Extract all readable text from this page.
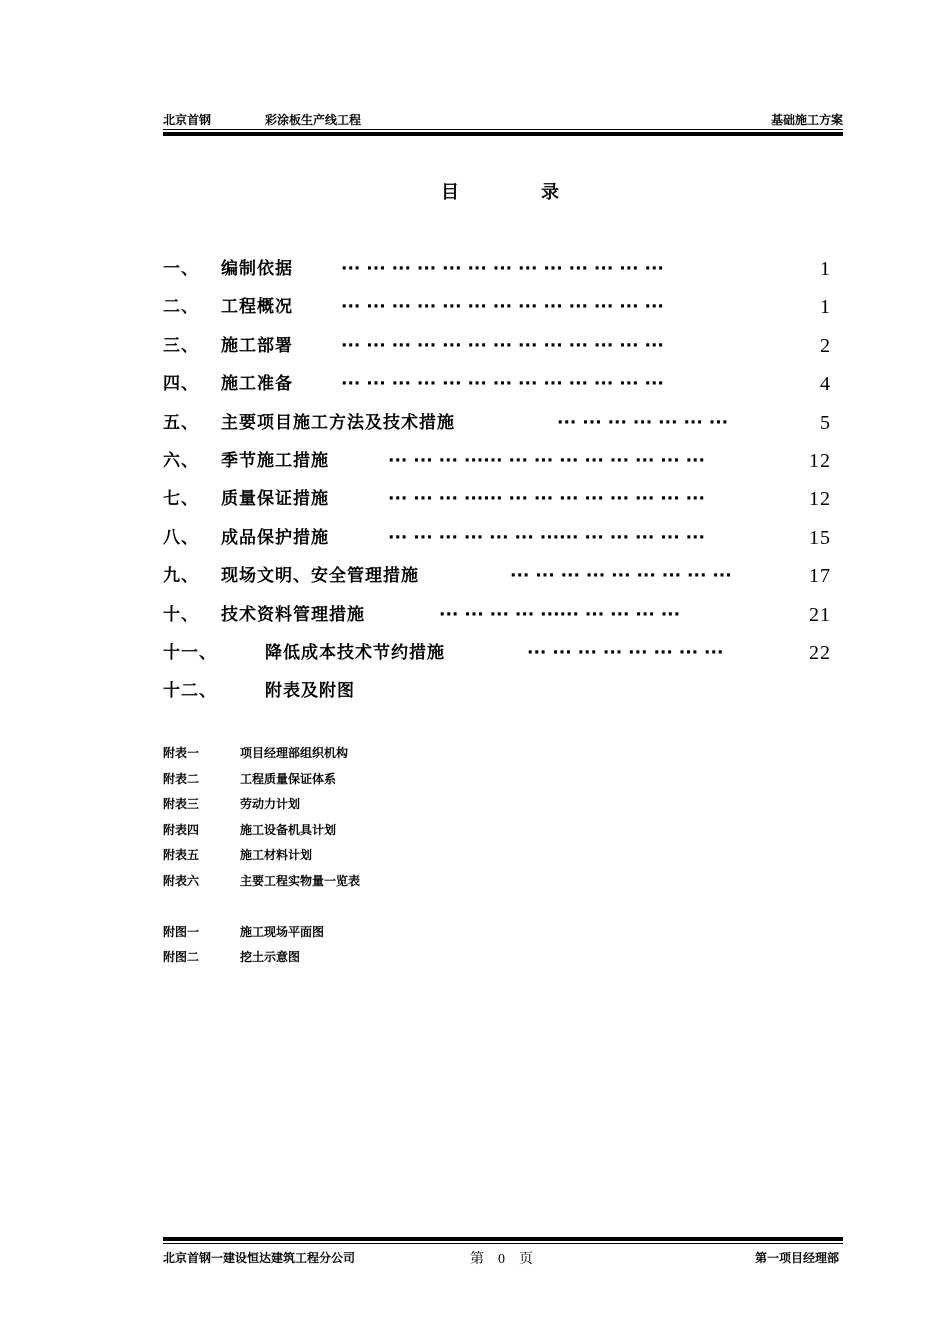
北京首钢	彩涂板生产线工程	基础施工方案
目	录
一、 编制依据	··· ··· ··· ··· ··· ··· ··· ··· ··· ··· ··· ··· ···	1
二、 工程概况	··· ··· ··· ··· ··· ··· ··· ··· ··· ··· ··· ··· ···	1
三、 施工部署	··· ··· ··· ··· ··· ··· ··· ··· ··· ··· ··· ··· ···	2
四、 施工准备	··· ··· ··· ··· ··· ··· ··· ··· ··· ··· ··· ··· ···	4
五、 主要项目施工方法及技术措施	··· ··· ··· ··· ··· ··· ···	5
六、 季节施工措施	··· ··· ··· ······ ··· ··· ··· ··· ··· ··· ··· ···	12
七、 质量保证措施	··· ··· ··· ······ ··· ··· ··· ··· ··· ··· ··· ···	12
八、 成品保护措施	··· ··· ··· ··· ··· ··· ······ ··· ··· ··· ··· ···	15
九、 现场文明、安全管理措施	··· ··· ··· ··· ··· ··· ··· ··· ···	17
十、 技术资料管理措施	··· ··· ··· ··· ······ ··· ··· ··· ···	21
十一、	降低成本技术节约措施	··· ··· ··· ··· ··· ··· ··· ···	22
十二、	附表及附图
附表一	项目经理部组织机构
附表二	工程质量保证体系
附表三	劳动力计划
附表四	施工设备机具计划
附表五	施工材料计划
附表六	主要工程实物量一览表
附图一	施工现场平面图
附图二	挖土示意图
北京首钢一建设恒达建筑工程分公司	第　0　页	第一项目经理部
